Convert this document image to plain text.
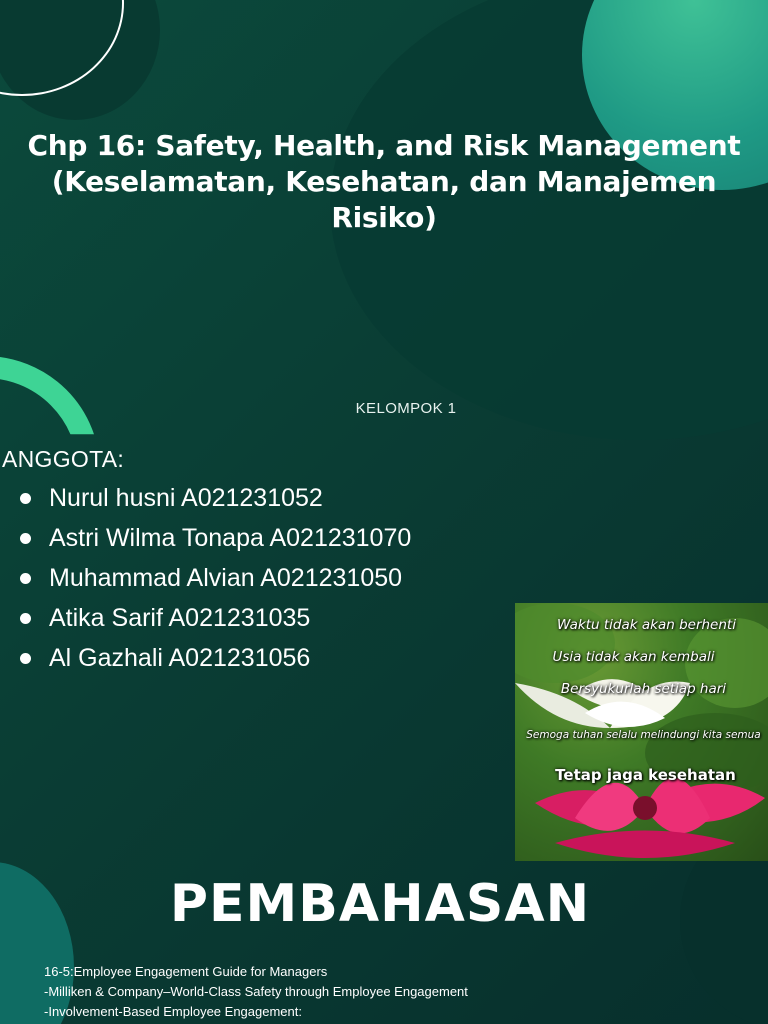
Chp 16: Safety, Health, and Risk Management (Keselamatan, Kesehatan, dan Manajemen Risiko)
KELOMPOK 1
ANGGOTA:
Nurul husni A021231052
Astri Wilma Tonapa A021231070
Muhammad Alvian A021231050
Atika Sarif A021231035
Al Gazhali A021231056
Waktu tidak akan berhenti
Usia tidak akan kembali
Bersyukurlah setiap hari
Semoga tuhan selalu melindungi kita semua
Tetap jaga kesehatan
PEMBAHASAN
16-5:Employee Engagement Guide for Managers
-Milliken & Company–World-Class Safety through Employee Engagement
-Involvement-Based Employee Engagement:
